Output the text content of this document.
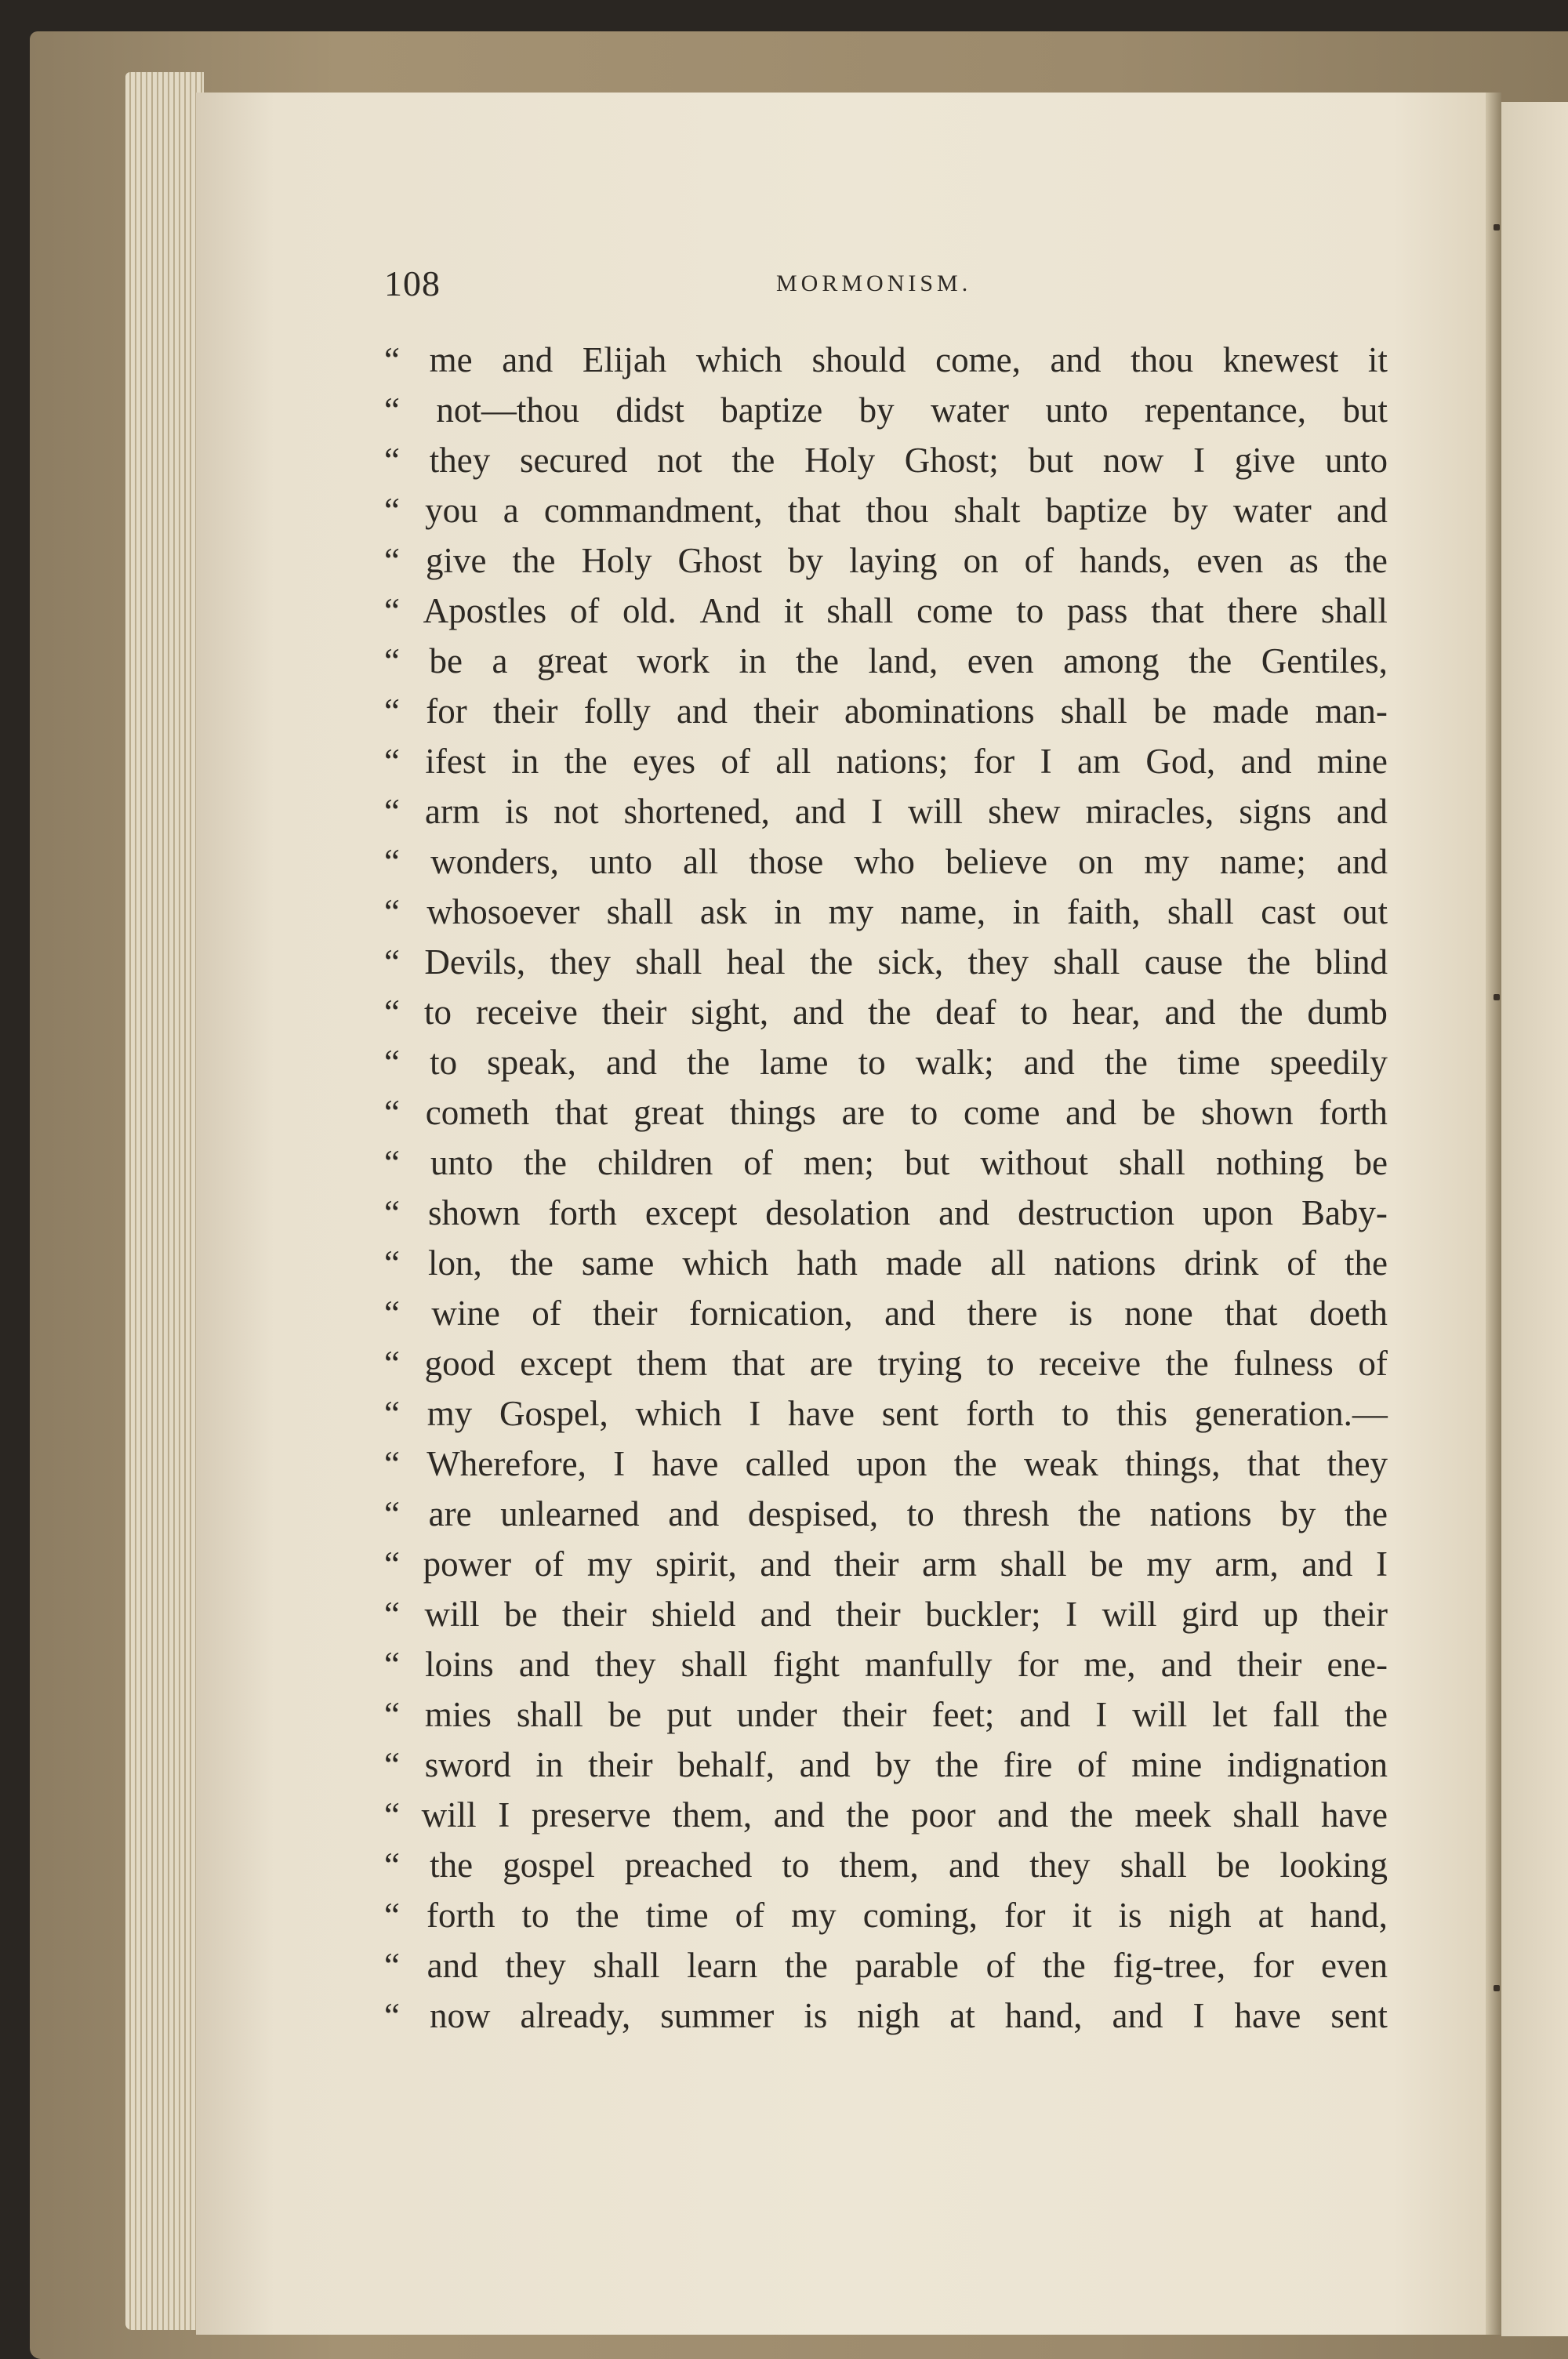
108	MORMONISM.
“ me and Elijah which should come, and thou knewest it
“ not—thou didst baptize by water unto repentance, but
“ they secured not the Holy Ghost; but now I give unto
“ you a commandment, that thou shalt baptize by water and
“ give the Holy Ghost by laying on of hands, even as the
“ Apostles of old. And it shall come to pass that there shall
“ be a great work in the land, even among the Gentiles,
“ for their folly and their abominations shall be made man-
“ ifest in the eyes of all nations; for I am God, and mine
“ arm is not shortened, and I will shew miracles, signs and
“ wonders, unto all those who believe on my name; and
“ whosoever shall ask in my name, in faith, shall cast out
“ Devils, they shall heal the sick, they shall cause the blind
“ to receive their sight, and the deaf to hear, and the dumb
“ to speak, and the lame to walk; and the time speedily
“ cometh that great things are to come and be shown forth
“ unto the children of men; but without shall nothing be
“ shown forth except desolation and destruction upon Baby-
“ lon, the same which hath made all nations drink of the
“ wine of their fornication, and there is none that doeth
“ good except them that are trying to receive the fulness of
“ my Gospel, which I have sent forth to this generation.—
“ Wherefore, I have called upon the weak things, that they
“ are unlearned and despised, to thresh the nations by the
“ power of my spirit, and their arm shall be my arm, and I
“ will be their shield and their buckler; I will gird up their
“ loins and they shall fight manfully for me, and their ene-
“ mies shall be put under their feet; and I will let fall the
“ sword in their behalf, and by the fire of mine indignation
“ will I preserve them, and the poor and the meek shall have
“ the gospel preached to them, and they shall be looking
“ forth to the time of my coming, for it is nigh at hand,
“ and they shall learn the parable of the fig-tree, for even
“ now already, summer is nigh at hand, and I have sent
